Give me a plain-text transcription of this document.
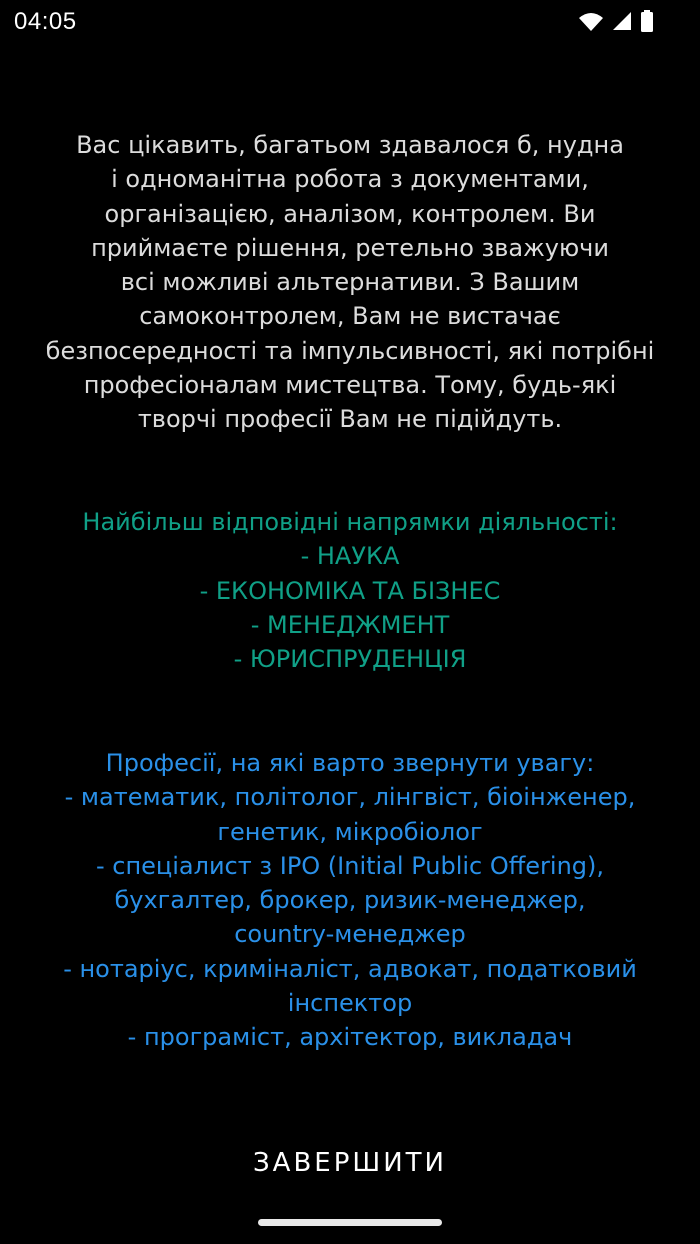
04:05
Вас цікавить, багатьом здавалося б, нудна
і одноманітна робота з документами,
організацією, аналізом, контролем. Ви
приймаєте рішення, ретельно зважуючи
всі можливі альтернативи. З Вашим
самоконтролем, Вам не вистачає
безпосередності та імпульсивності, які потрібні
професіоналам мистецтва. Тому, будь-які
творчі професії Вам не підійдуть.
Найбільш відповідні напрямки діяльності:
- НАУКА
- ЕКОНОМІКА ТА БІЗНЕС
- МЕНЕДЖМЕНТ
- ЮРИСПРУДЕНЦІЯ
Професії, на які варто звернути увагу:
- математик, політолог, лінгвіст, біоінженер,
генетик, мікробіолог
- спеціалист з IPO (Initial Public Offering),
бухгалтер, брокер, ризик-менеджер,
country-менеджер
- нотаріус, криміналіст, адвокат, податковий
інспектор
- програміст, архітектор, викладач
ЗАВЕРШИТИ
